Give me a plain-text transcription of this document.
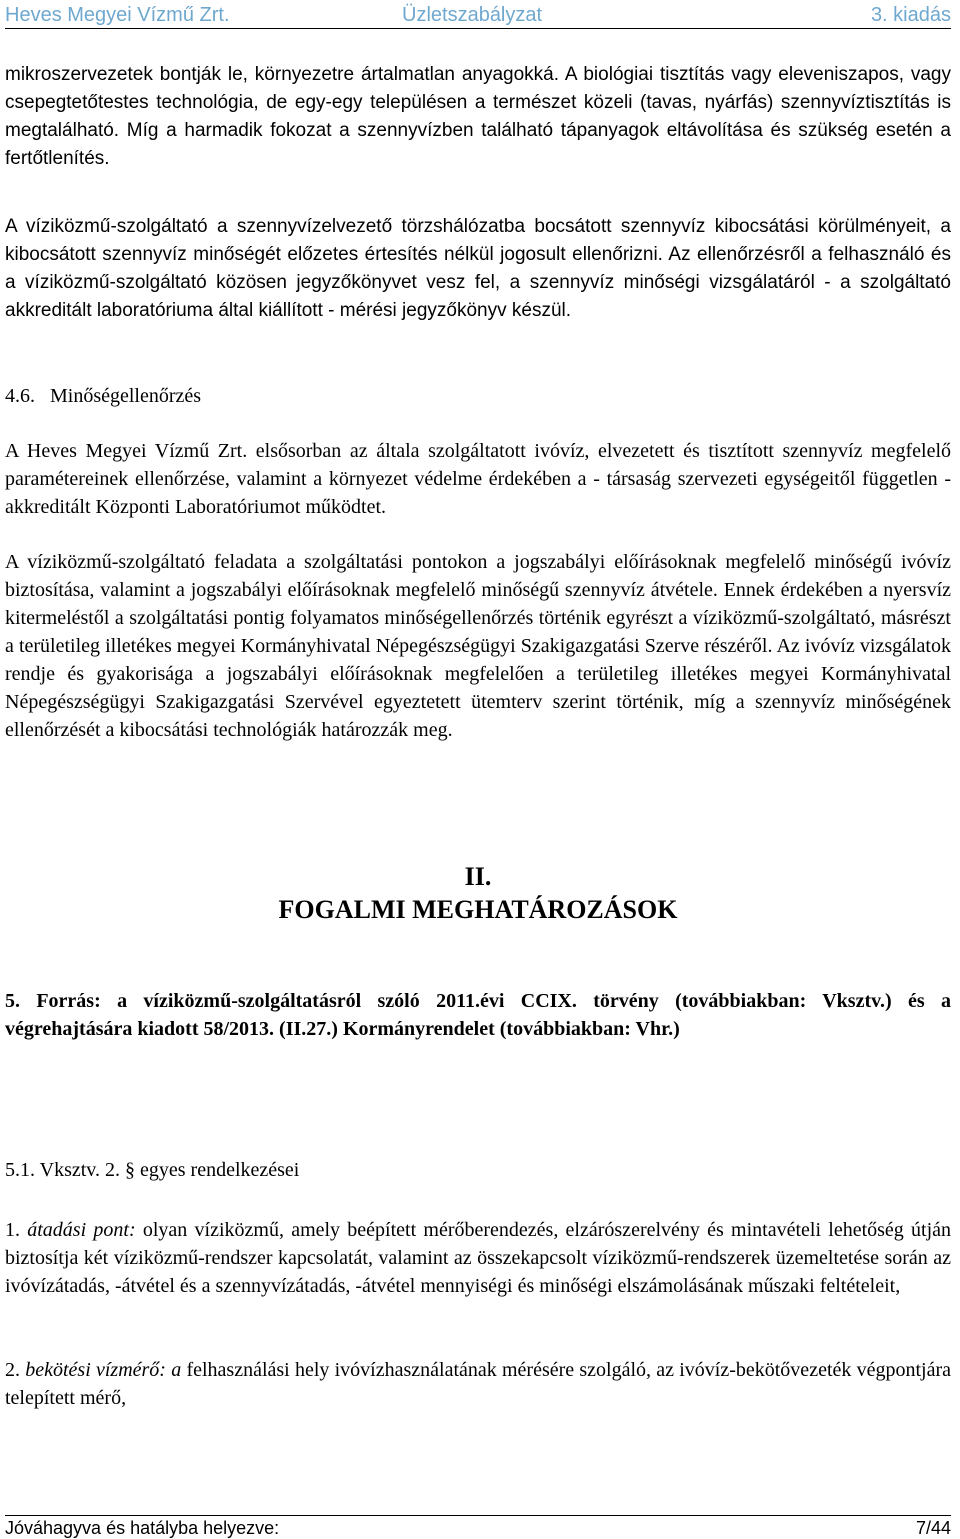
Heves Megyei Vízmű Zrt.	Üzletszabályzat	3. kiadás
mikroszervezetek bontják le, környezetre ártalmatlan anyagokká. A biológiai tisztítás vagy eleveniszapos, vagy csepegtetőtestes technológia, de egy-egy településen a természet közeli (tavas, nyárfás) szennyvíztisztítás is megtalálható. Míg a harmadik fokozat a szennyvízben található tápanyagok eltávolítása és szükség esetén a fertőtlenítés.
A víziközmű-szolgáltató a szennyvízelvezető törzshálózatba bocsátott szennyvíz kibocsátási körülményeit, a kibocsátott szennyvíz minőségét előzetes értesítés nélkül jogosult ellenőrizni. Az ellenőrzésről a felhasználó és a víziközmű-szolgáltató közösen jegyzőkönyvet vesz fel, a szennyvíz minőségi vizsgálatáról - a szolgáltató akkreditált laboratóriuma által kiállított - mérési jegyzőkönyv készül.
4.6.   Minőségellenőrzés
A Heves Megyei Vízmű Zrt. elsősorban az általa szolgáltatott ivóvíz, elvezetett és tisztított szennyvíz megfelelő paramétereinek ellenőrzése, valamint a környezet védelme érdekében a - társaság szervezeti egységeitől független - akkreditált Központi Laboratóriumot működtet.
A víziközmű-szolgáltató feladata a szolgáltatási pontokon a jogszabályi előírásoknak megfelelő minőségű ivóvíz biztosítása, valamint a jogszabályi előírásoknak megfelelő minőségű szennyvíz átvétele. Ennek érdekében a nyersvíz kitermeléstől a szolgáltatási pontig folyamatos minőségellenőrzés történik egyrészt a víziközmű-szolgáltató, másrészt a területileg illetékes megyei Kormányhivatal Népegészségügyi Szakigazgatási Szerve részéről. Az ivóvíz vizsgálatok rendje és gyakorisága a jogszabályi előírásoknak megfelelően a területileg illetékes megyei Kormányhivatal Népegészségügyi Szakigazgatási Szervével egyeztetett ütemterv szerint történik, míg a szennyvíz minőségének ellenőrzését a kibocsátási technológiák határozzák meg.
II.
FOGALMI MEGHATÁROZÁSOK
5. Forrás: a víziközmű-szolgáltatásról szóló 2011.évi CCIX. törvény (továbbiakban: Vksztv.) és a végrehajtására kiadott 58/2013. (II.27.) Kormányrendelet (továbbiakban: Vhr.)
5.1. Vksztv. 2. § egyes rendelkezései
1. átadási pont: olyan víziközmű, amely beépített mérőberendezés, elzárószerelvény és mintavételi lehetőség útján biztosítja két víziközmű-rendszer kapcsolatát, valamint az összekapcsolt víziközmű-rendszerek üzemeltetése során az ivóvízátadás, -átvétel és a szennyvízátadás, -átvétel mennyiségi és minőségi elszámolásának műszaki feltételeit,
2. bekötési vízmérő: a felhasználási hely ivóvízhasználatának mérésére szolgáló, az ivóvíz-bekötővezeték végpontjára telepített mérő,
Jóváhagyva és hatályba helyezve:	7/44
